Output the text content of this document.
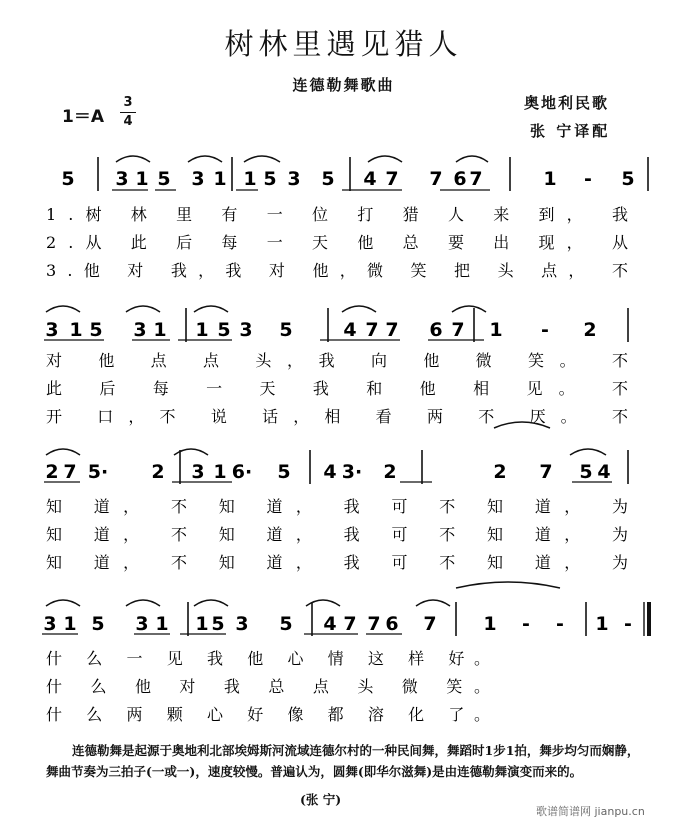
树林里遇见猎人
连德勒舞歌曲
奥地利民歌
张 宁译配
1＝A
3
4
5 3 1 5 3 1 1 5 3 5 4 7 7 6 7	1 - 5
1.树 林 里 有 一 位 打 猎 人 来 到， 我
2.从 此 后 每 一 天 他 总 要 出 现， 从
3.他 对 我，我 对 他，微 笑 把 头 点， 不
3 1 5 3 1 1 5 3 5	4 7 7 6 7 1 - 2
对 他 点 点 头，我 向 他 微 笑。 不
此 后 每 一 天 我 和 他 相 见。 不
开 口，不 说 话，相 看 两 不 厌。 不
2 7 5· 2 3 1 6· 5 4 3· 2	2 7 5 4
知 道， 不 知 道， 我 可 不 知 道， 为
知 道， 不 知 道， 我 可 不 知 道， 为
知 道， 不 知 道， 我 可 不 知 道， 为
3 1 5 3 1 1 5 3 5 4 7 7 6 7 1 - - 1 -
什 么 一 见 我 他 心 情 这 样 好。
什 么 他 对 我 总 点 头 微 笑。
什 么 两 颗 心 好 像 都 溶 化 了。
连德勒舞是起源于奥地利北部埃姆斯河流域连德尔村的一种民间舞，舞蹈时1步1拍，舞步均匀而娴静，舞曲节奏为三拍子(一或一)，速度较慢。普遍认为，圆舞(即华尔滋舞)是由连德勒舞演变而来的。
(张 宁)
歌谱简谱网 jianpu.cn
